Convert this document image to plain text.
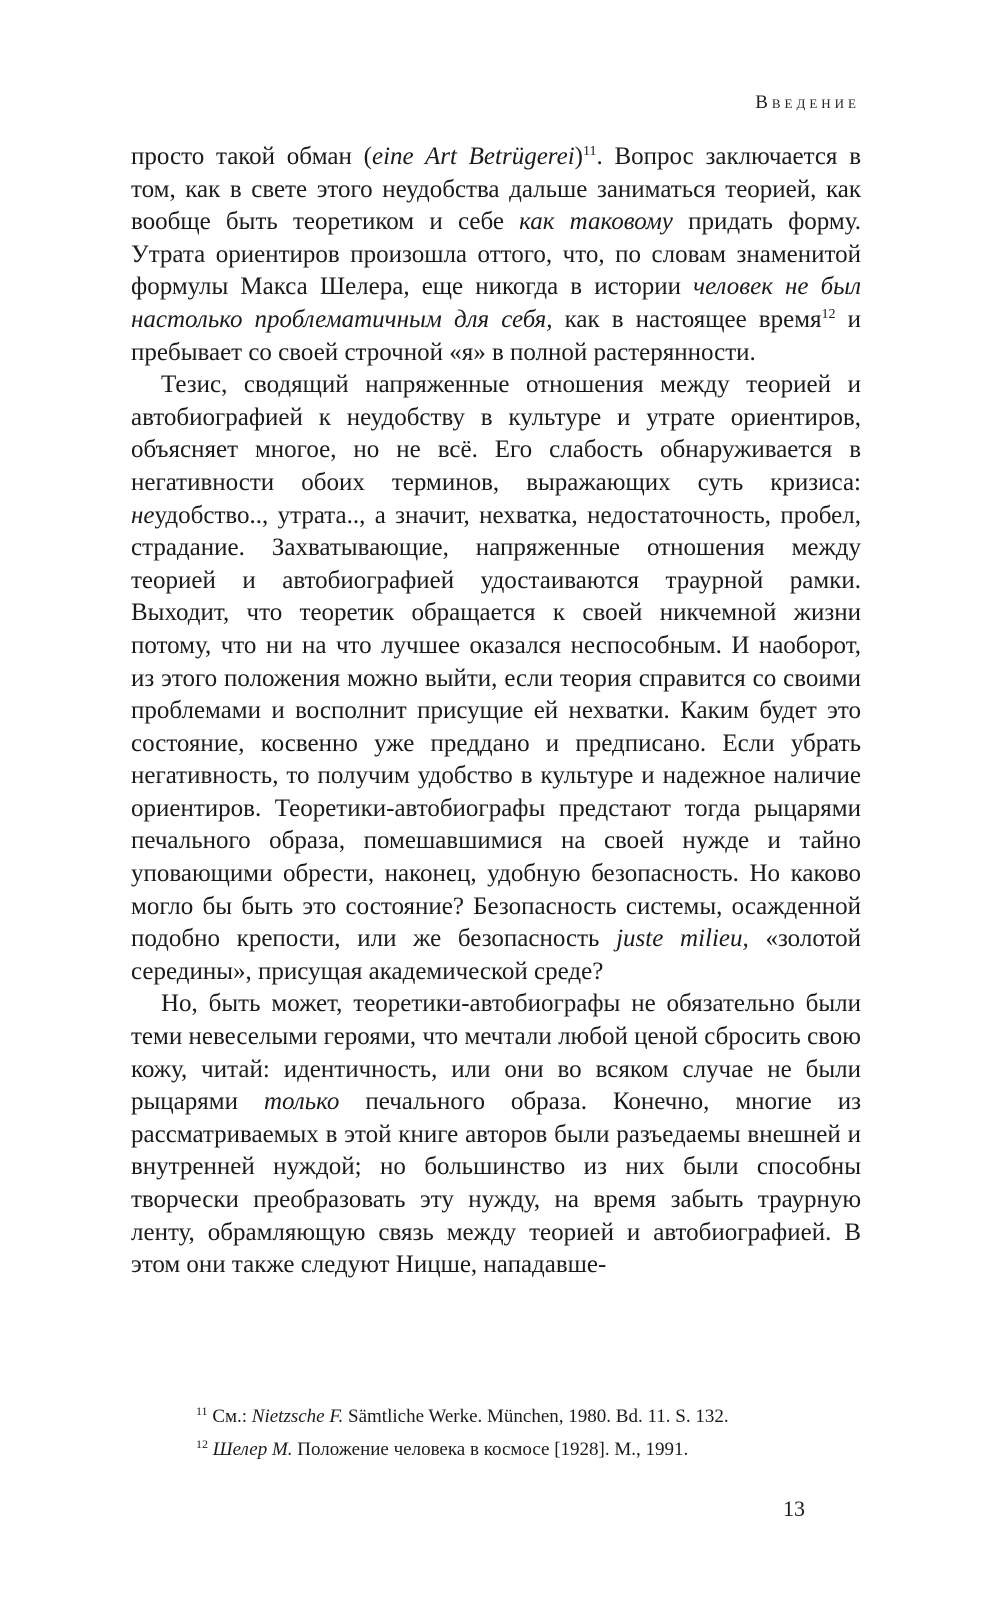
Введение

просто такой обман (eine Art Betrügerei)$^{11}$. Вопрос заключается в том, как в свете этого неудобства дальше заниматься теорией, как вообще быть теоретиком и себе как таковому придать форму. Утрата ориентиров произошла оттого, что, по словам знаменитой формулы Макса Шелера, еще никогда в истории человек не был настолько проблематичным для себя, как в настоящее время$^{12}$ и пребывает со своей строчной «я» в полной растерянности.

Тезис, сводящий напряженные отношения между теорией и автобиографией к неудобству в культуре и утрате ориентиров, объясняет многое, но не всё. Его слабость обнаруживается в негативности обоих терминов, выражающих суть кризиса: неудобство.., утрата.., а значит, нехватка, недостаточность, пробел, страдание. Захватывающие, напряженные отношения между теорией и автобиографией удостаиваются траурной рамки. Выходит, что теоретик обращается к своей никчемной жизни потому, что ни на что лучшее оказался неспособным. И наоборот, из этого положения можно выйти, если теория справится со своими проблемами и восполнит присущие ей нехватки. Каким будет это состояние, косвенно уже преддано и предписано. Если убрать негативность, то получим удобство в культуре и надежное наличие ориентиров. Теоретики-автобиографы предстают тогда рыцарями печального образа, помешавшимися на своей нужде и тайно уповающими обрести, наконец, удобную безопасность. Но каково могло бы быть это состояние? Безопасность системы, осажденной подобно крепости, или же безопасность juste milieu, «золотой середины», присущая академической среде?

Но, быть может, теоретики-автобиографы не обязательно были теми невеселыми героями, что мечтали любой ценой сбросить свою кожу, читай: идентичность, или они во всяком случае не были рыцарями только печального образа. Конечно, многие из рассматриваемых в этой книге авторов были разъедаемы внешней и внутренней нуждой; но большинство из них были способны творчески преобразовать эту нужду, на время забыть траурную ленту, обрамляющую связь между теорией и автобиографией. В этом они также следуют Ницше, нападавше-

$^{11}$ См.: Nietzsche F. Sämtliche Werke. München, 1980. Bd. 11. S. 132.

$^{12}$ Шелер М. Положение человека в космосе [1928]. М., 1991.

13
